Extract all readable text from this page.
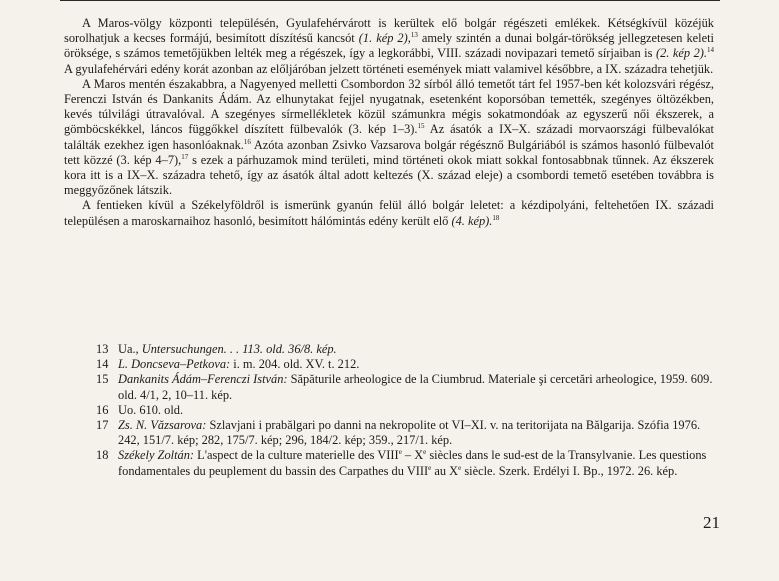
A Maros-völgy központi településén, Gyulafehérvárott is kerültek elő bolgár régészeti emlékek. Kétségkívül közéjük sorolhatjuk a kecses formájú, besimított díszítésű kancsót (1. kép 2),$^{13}$ amely szintén a dunai bolgár-törökség jellegzetesen keleti öröksége, s számos temetőjükben lelték meg a régészek, így a legkorábbi, VIII. századi novipazari temető sírjaiban is (2. kép 2).$^{14}$ A gyulafehérvári edény korát azonban az előljáróban jelzett történeti események miatt valamivel későbbre, a IX. századra tehetjük.

A Maros mentén északabbra, a Nagyenyed melletti Csombordon 32 sírból álló temetőt tárt fel 1957-ben két kolozsvári régész, Ferenczi István és Dankanits Ádám. Az elhunytakat fejjel nyugatnak, esetenként koporsóban temették, szegényes öltözékben, kevés túlvilági útravalóval. A szegényes sírmellékletek közül számunkra mégis sokatmondóak az egyszerű női ékszerek, a gömböcskékkel, láncos függőkkel díszített fülbevalók (3. kép 1–3).$^{15}$ Az ásatók a IX–X. századi morvaországi fülbevalókat találták ezekhez igen hasonlóaknak.$^{16}$ Azóta azonban Zsivko Vazsarova bolgár régésznő Bulgáriából is számos hasonló fülbevalót tett közzé (3. kép 4–7),$^{17}$ s ezek a párhuzamok mind területi, mind történeti okok miatt sokkal fontosabbnak tűnnek. Az ékszerek kora itt is a IX–X. századra tehető, így az ásatók által adott keltezés (X. század eleje) a csombordi temető esetében továbbra is meggyőzőnek látszik.

A fentieken kívül a Székelyföldről is ismerünk gyanún felül álló bolgár leletet: a kézdipolyáni, feltehetően IX. századi településen a maroskarnaihoz hasonló, besimított hálómintás edény került elő (4. kép).$^{18}$

13 Ua., Untersuchungen. . . 113. old. 36/8. kép.
14 L. Doncseva–Petkova: i. m. 204. old. XV. t. 212.
15 Dankanits Ádám–Ferenczi István: Săpăturile arheologice de la Ciumbrud. Materiale şi cercetări arheologice, 1959. 609. old. 4/1, 2, 10–11. kép.
16 Uo. 610. old.
17 Zs. N. Văzsarova: Szlavjani i prabălgari po danni na nekropolite ot VI–XI. v. na teritorijata na Bălgarija. Szófia 1976. 242, 151/7. kép; 282, 175/7. kép; 296, 184/2. kép; 359., 217/1. kép.
18 Székely Zoltán: L'aspect de la culture materielle des VIIIe – Xe siècles dans le sud-est de la Transylvanie. Les questions fondamentales du peuplement du bassin des Carpathes du VIIIe au Xe siècle. Szerk. Erdélyi I. Bp., 1972. 26. kép.
21
